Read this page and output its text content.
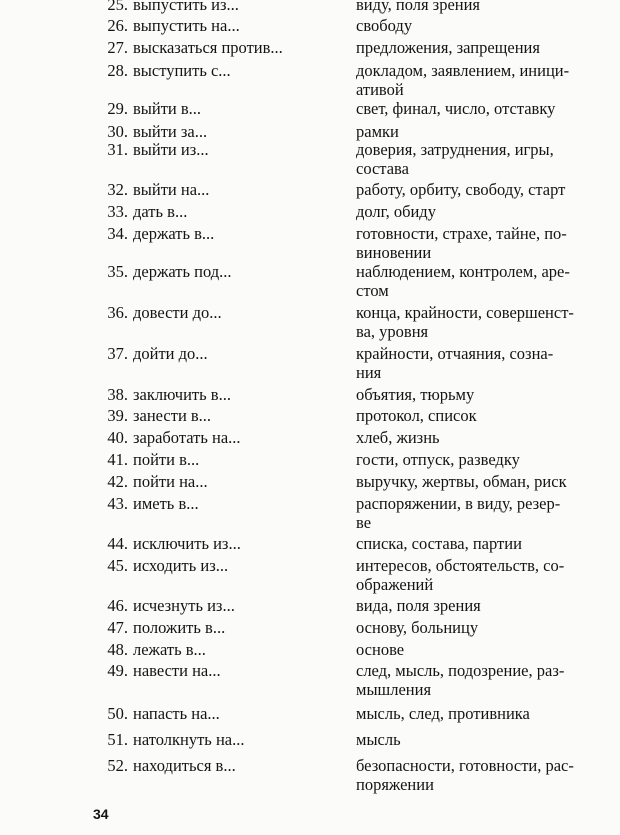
25. выпустить из...	виду, поля зрения
26. выпустить на...	свободу
27. высказаться против...	предложения, запрещения
28. выступить с...	докладом, заявлением, иници-
ативой
29. выйти в...	свет, финал, число, отставку
30. выйти за...	рамки
31. выйти из...	доверия, затруднения, игры,
состава
32. выйти на...	работу, орбиту, свободу, старт
33. дать в...	долг, обиду
34. держать в...	готовности, страхе, тайне, по-
виновении
35. держать под...	наблюдением, контролем, аре-
стом
36. довести до...	конца, крайности, совершенст-
ва, уровня
37. дойти до...	крайности, отчаяния, созна-
ния
38. заключить в...	объятия, тюрьму
39. занести в...	протокол, список
40. заработать на...	хлеб, жизнь
41. пойти в...	гости, отпуск, разведку
42. пойти на...	выручку, жертвы, обман, риск
43. иметь в...	распоряжении, в виду, резер-
ве
44. исключить из...	списка, состава, партии
45. исходить из...	интересов, обстоятельств, со-
ображений
46. исчезнуть из...	вида, поля зрения
47. положить в...	основу, больницу
48. лежать в...	основе
49. навести на...	след, мысль, подозрение, раз-
мышления
50. напасть на...	мысль, след, противника
51. натолкнуть на...	мысль
52. находиться в...	безопасности, готовности, рас-
поряжении
34
